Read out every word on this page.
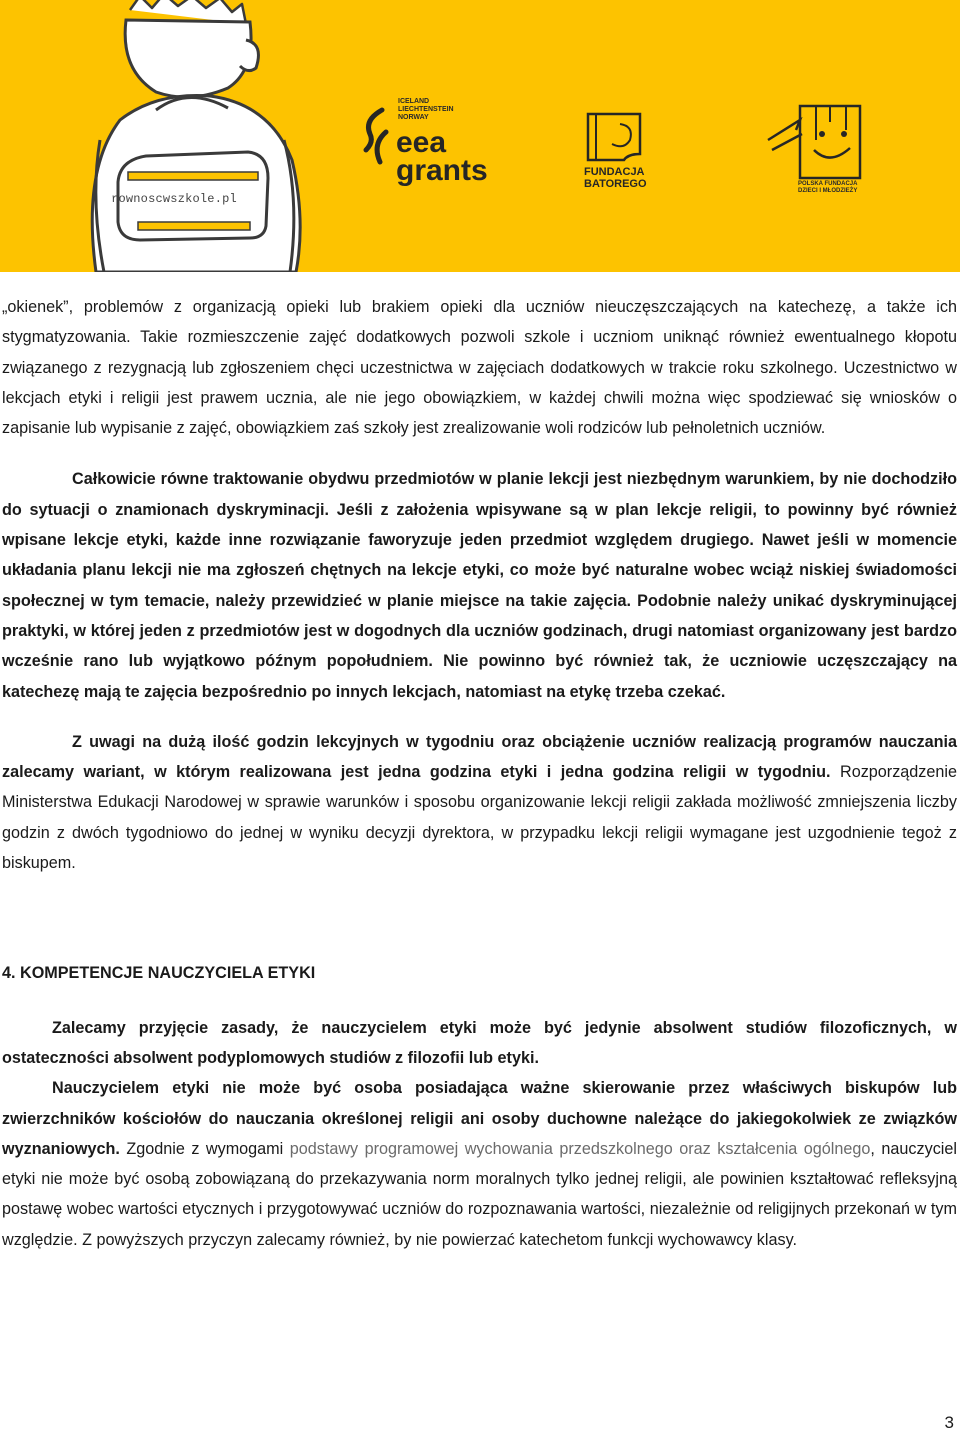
rownoscwszkole.pl
ICELAND
LIECHTENSTEIN
NORWAY
eea
grants	FUNDACJA
BATOREGO	POLSKA FUNDACJA
DZIECI I MŁODZIEŻY

„okienek”, problemów z organizacją opieki lub brakiem opieki dla uczniów nieuczęszczających na katechezę, a także ich stygmatyzowania. Takie rozmieszczenie zajęć dodatkowych pozwoli szkole i uczniom uniknąć również ewentualnego kłopotu związanego z rezygnacją lub zgłoszeniem chęci uczestnictwa w zajęciach dodatkowych w trakcie roku szkolnego. Uczestnictwo w lekcjach etyki i religii jest prawem ucznia, ale nie jego obowiązkiem, w każdej chwili można więc spodziewać się wniosków o zapisanie lub wypisanie z zajęć, obowiązkiem zaś szkoły jest zrealizowanie woli rodziców lub pełnoletnich uczniów.

Całkowicie równe traktowanie obydwu przedmiotów w planie lekcji jest niezbędnym warunkiem, by nie dochodziło do sytuacji o znamionach dyskryminacji. Jeśli z założenia wpisywane są w plan lekcje religii, to powinny być również wpisane lekcje etyki, każde inne rozwiązanie faworyzuje jeden przedmiot względem drugiego. Nawet jeśli w momencie układania planu lekcji nie ma zgłoszeń chętnych na lekcje etyki, co może być naturalne wobec wciąż niskiej świadomości społecznej w tym temacie, należy przewidzieć w planie miejsce na takie zajęcia. Podobnie należy unikać dyskryminującej praktyki, w której jeden z przedmiotów jest w dogodnych dla uczniów godzinach, drugi natomiast organizowany jest bardzo wcześnie rano lub wyjątkowo późnym popołudniem. Nie powinno być również tak, że uczniowie uczęszczający na katechezę mają te zajęcia bezpośrednio po innych lekcjach, natomiast na etykę trzeba czekać.

Z uwagi na dużą ilość godzin lekcyjnych w tygodniu oraz obciążenie uczniów realizacją programów nauczania zalecamy wariant, w którym realizowana jest jedna godzina etyki i jedna godzina religii w tygodniu. Rozporządzenie Ministerstwa Edukacji Narodowej w sprawie warunków i sposobu organizowanie lekcji religii zakłada możliwość zmniejszenia liczby godzin z dwóch tygodniowo do jednej w wyniku decyzji dyrektora, w przypadku lekcji religii wymagane jest uzgodnienie tegoż z biskupem.

4. KOMPETENCJE NAUCZYCIELA ETYKI

Zalecamy przyjęcie zasady, że nauczycielem etyki może być jedynie absolwent studiów filozoficznych, w ostateczności absolwent podyplomowych studiów z filozofii lub etyki.

Nauczycielem etyki nie może być osoba posiadająca ważne skierowanie przez właściwych biskupów lub zwierzchników kościołów do nauczania określonej religii ani osoby duchowne należące do jakiegokolwiek ze związków wyznaniowych. Zgodnie z wymogami podstawy programowej wychowania przedszkolnego oraz kształcenia ogólnego, nauczyciel etyki nie może być osobą zobowiązaną do przekazywania norm moralnych tylko jednej religii, ale powinien kształtować refleksyjną postawę wobec wartości etycznych i przygotowywać uczniów do rozpoznawania wartości, niezależnie od religijnych przekonań w tym względzie. Z powyższych przyczyn zalecamy również, by nie powierzać katechetom funkcji wychowawcy klasy.

3
